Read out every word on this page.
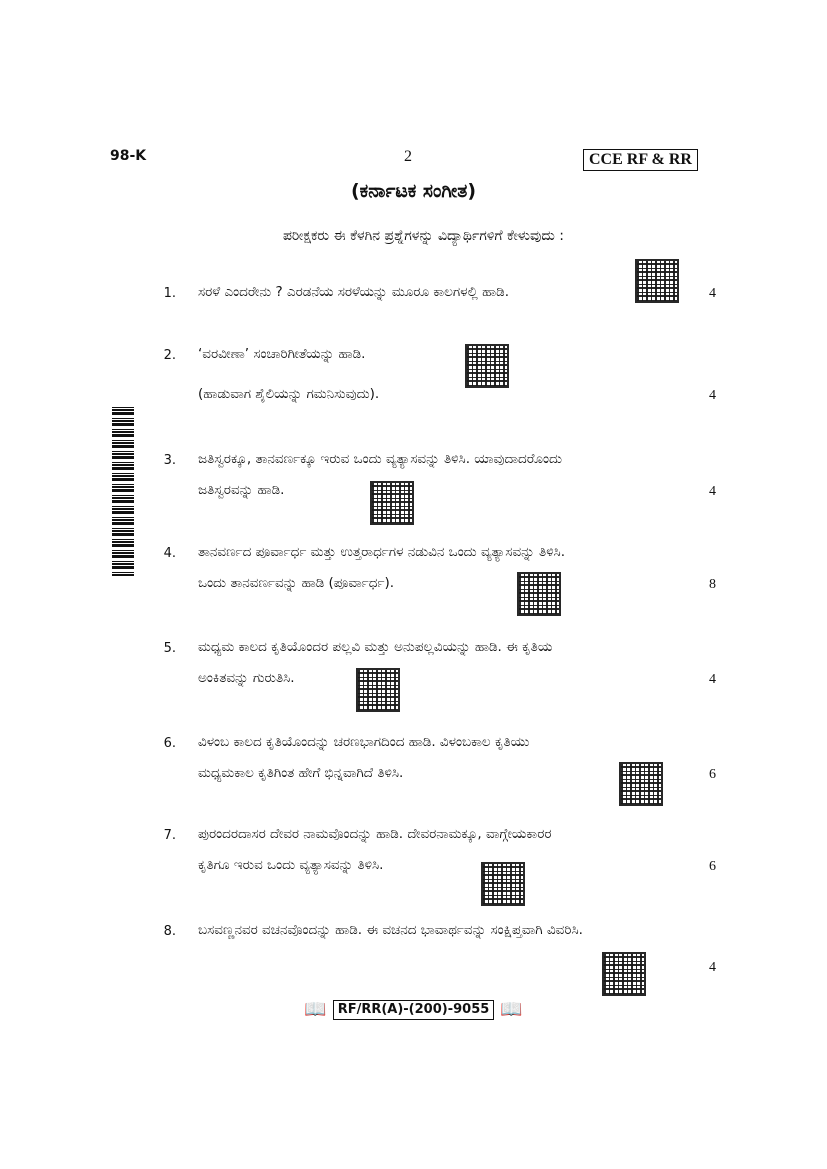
98-K	2	CCE RF & RR
(ಕರ್ನಾಟಕ ಸಂಗೀತ)
ಪರೀಕ್ಷಕರು ಈ ಕೆಳಗಿನ ಪ್ರಶ್ನೆಗಳನ್ನು ವಿದ್ಯಾರ್ಥಿಗಳಿಗೆ ಕೇಳುವುದು :
1. ಸರಳೆ ಎಂದರೇನು ? ಎರಡನೆಯ ಸರಳೆಯನ್ನು ಮೂರೂ ಕಾಲಗಳಲ್ಲಿ ಹಾಡಿ.	4
2. ‘ವರವೀಣಾ’ ಸಂಚಾರಿಗೀತೆಯನ್ನು ಹಾಡಿ.
(ಹಾಡುವಾಗ ಶೈಲಿಯನ್ನು ಗಮನಿಸುವುದು).	4
3. ಜತಿಸ್ವರಕ್ಕೂ, ತಾನವರ್ಣಕ್ಕೂ ಇರುವ ಒಂದು ವ್ಯತ್ಯಾಸವನ್ನು ತಿಳಿಸಿ. ಯಾವುದಾದರೊಂದು
ಜತಿಸ್ವರವನ್ನು ಹಾಡಿ.	4
4. ತಾನವರ್ಣದ ಪೂರ್ವಾರ್ಧ ಮತ್ತು ಉತ್ತರಾರ್ಧಗಳ ನಡುವಿನ ಒಂದು ವ್ಯತ್ಯಾಸವನ್ನು ತಿಳಿಸಿ.
ಒಂದು ತಾನವರ್ಣವನ್ನು ಹಾಡಿ (ಪೂರ್ವಾರ್ಧ).	8
5. ಮಧ್ಯಮ ಕಾಲದ ಕೃತಿಯೊಂದರ ಪಲ್ಲವಿ ಮತ್ತು ಅನುಪಲ್ಲವಿಯನ್ನು ಹಾಡಿ. ಈ ಕೃತಿಯ
ಅಂಕಿತವನ್ನು ಗುರುತಿಸಿ.	4
6. ವಿಳಂಬ ಕಾಲದ ಕೃತಿಯೊಂದನ್ನು ಚರಣಭಾಗದಿಂದ ಹಾಡಿ. ವಿಳಂಬಕಾಲ ಕೃತಿಯು
ಮಧ್ಯಮಕಾಲ ಕೃತಿಗಿಂತ ಹೇಗೆ ಭಿನ್ನವಾಗಿದೆ ತಿಳಿಸಿ.	6
7. ಪುರಂದರದಾಸರ ದೇವರ ನಾಮವೊಂದನ್ನು ಹಾಡಿ. ದೇವರನಾಮಕ್ಕೂ, ವಾಗ್ಗೇಯಕಾರರ
ಕೃತಿಗೂ ಇರುವ ಒಂದು ವ್ಯತ್ಯಾಸವನ್ನು ತಿಳಿಸಿ.	6
8. ಬಸವಣ್ಣನವರ ವಚನವೊಂದನ್ನು ಹಾಡಿ. ಈ ವಚನದ ಭಾವಾರ್ಥವನ್ನು ಸಂಕ್ಷಿಪ್ತವಾಗಿ ವಿವರಿಸಿ.
4
📖 RF/RR(A)-(200)-9055 📖
